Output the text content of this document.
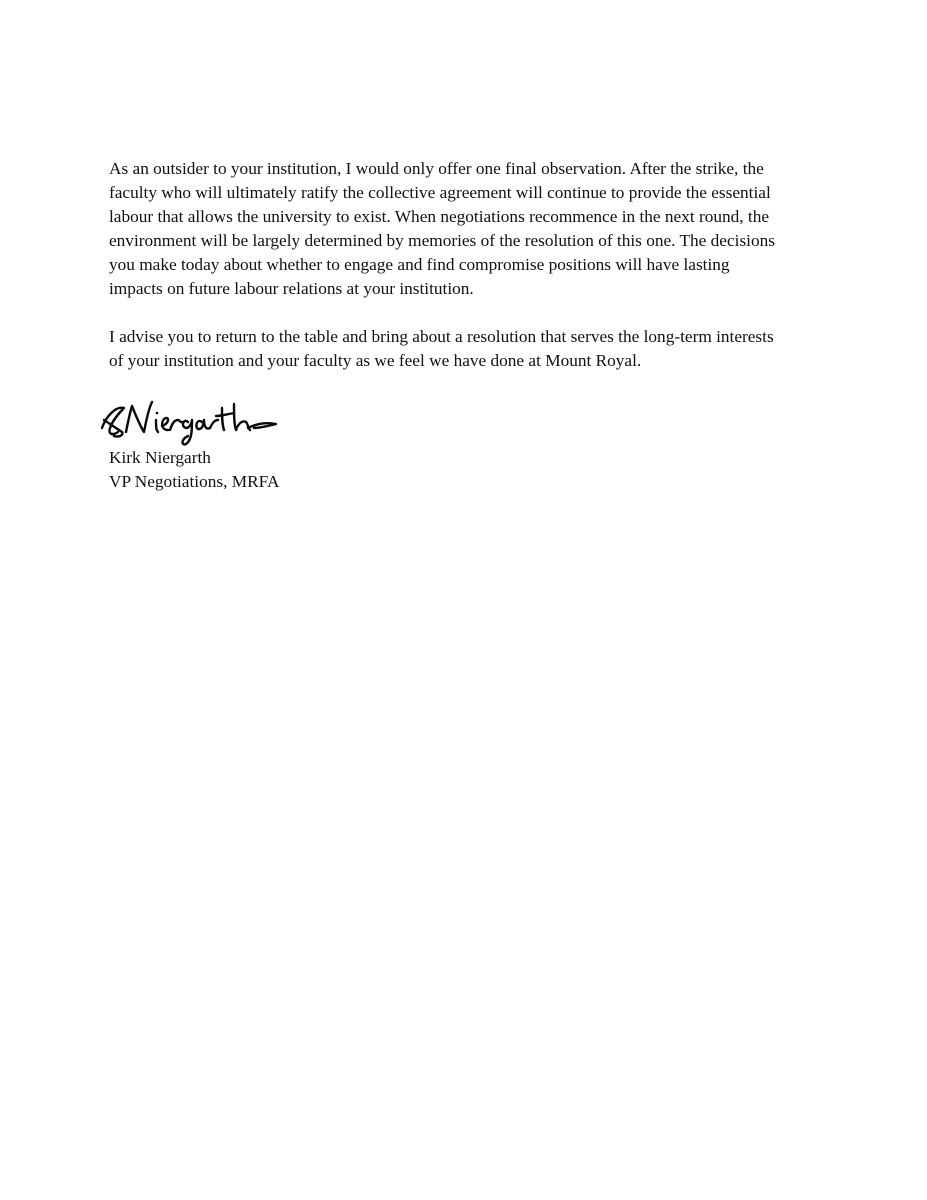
As an outsider to your institution, I would only offer one final observation. After the strike, the
faculty who will ultimately ratify the collective agreement will continue to provide the essential
labour that allows the university to exist. When negotiations recommence in the next round, the
environment will be largely determined by memories of the resolution of this one. The decisions
you make today about whether to engage and find compromise positions will have lasting
impacts on future labour relations at your institution.
I advise you to return to the table and bring about a resolution that serves the long-term interests
of your institution and your faculty as we feel we have done at Mount Royal.
Kirk Niergarth
VP Negotiations, MRFA
